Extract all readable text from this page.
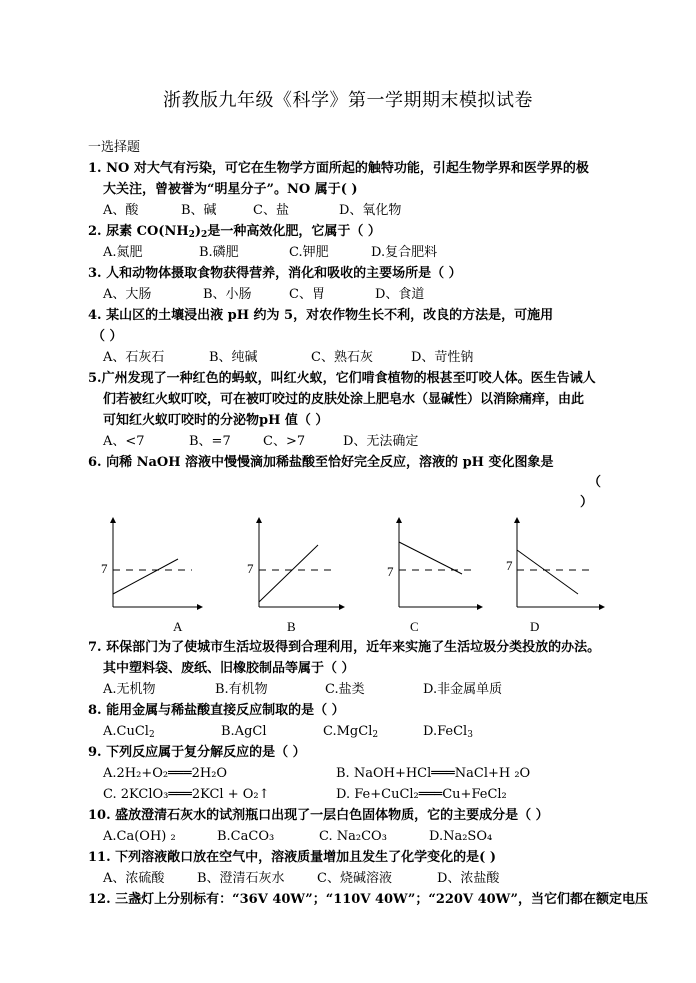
浙教版九年级《科学》第一学期期末模拟试卷
一选择题
1. NO 对大气有污染，可它在生物学方面所起的触特功能，引起生物学界和医学界的极
大关注，曾被誉为“明星分子”。NO 属于( )
A、酸	B、碱	C、盐	D、氧化物
2. 尿素 $CO(NH_2)_2$是一种高效化肥，它属于（ ）
A.氮肥	B.磷肥	C.钾肥	D.复合肥料
3. 人和动物体摄取食物获得营养，消化和吸收的主要场所是（ ）
A、大肠	B、小肠	C、胃	D、食道
4. 某山区的土壤浸出液 pH 约为 5，对农作物生长不利，改良的方法是，可施用
（ ）
A、石灰石	B、纯碱	C、熟石灰	D、苛性钠
5.广州发现了一种红色的蚂蚁，叫红火蚁，它们啃食植物的根甚至叮咬人体。医生告诫人
们若被红火蚁叮咬，可在被叮咬过的皮肤处涂上肥皂水（显碱性）以消除痛痒，由此
可知红火蚁叮咬时的分泌物pH 值（ ）
A、<7	B、=7 C、>7	D、无法确定
6. 向稀 NaOH 溶液中慢慢滴加稀盐酸至恰好完全反应，溶液的 pH 变化图象是
（
）
7	7	7	7
A	B	C	D
7. 环保部门为了使城市生活垃圾得到合理利用，近年来实施了生活垃圾分类投放的办法。
其中塑料袋、废纸、旧橡胶制品等属于（ ）
A.无机物	B.有机物	C.盐类	D.非金属单质
8. 能用金属与稀盐酸直接反应制取的是（ ）
A.CuCl$_2$	B.AgCl	C.MgCl$_2$	D.FeCl$_3$
9. 下列反应属于复分解反应的是（ ）
A.2H₂+O₂═══2H₂O	B. NaOH+HCl═══NaCl+H ₂O
C. 2KClO₃═══2KCl + O₂↑	D. Fe+CuCl₂═══Cu+FeCl₂
10. 盛放澄清石灰水的试剂瓶口出现了一层白色固体物质，它的主要成分是（ ）
A.Ca(OH) ₂	B.CaCO₃	C. Na₂CO₃	D.Na₂SO₄
11. 下列溶液敞口放在空气中，溶液质量增加且发生了化学变化的是( )
A、浓硫酸	B、澄清石灰水 C、烧碱溶液	D、浓盐酸
12. 三盏灯上分别标有：“36V 40W”；“110V 40W”；“220V 40W”，当它们都在额定电压
